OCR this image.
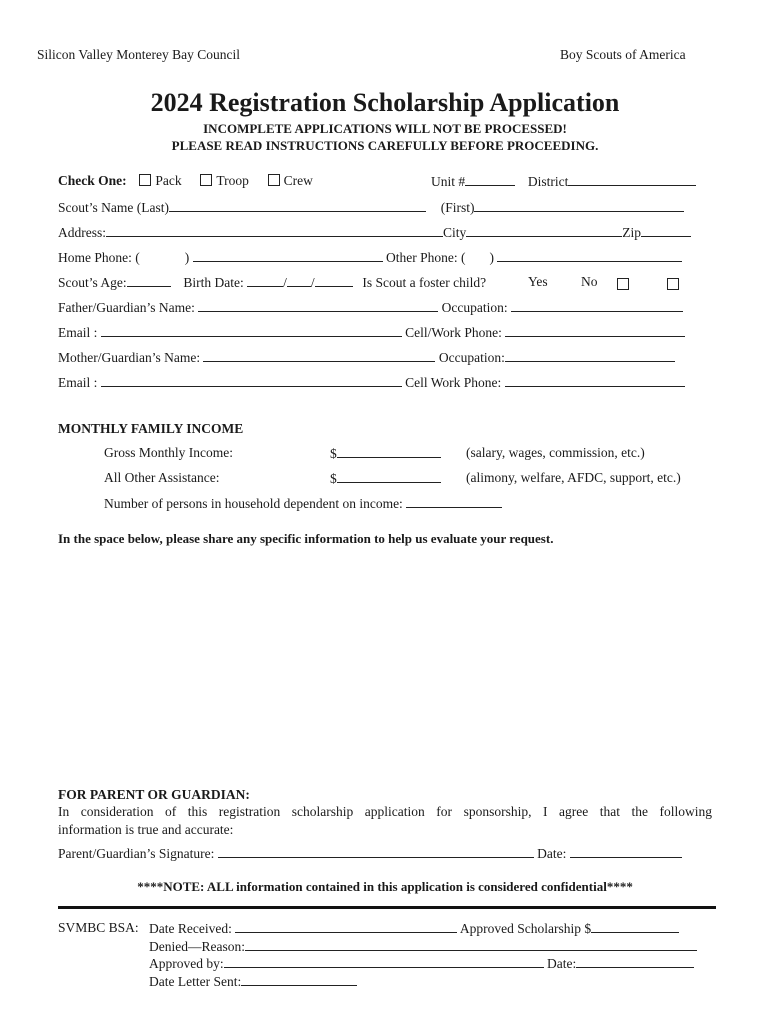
Silicon Valley Monterey Bay Council	Boy Scouts of America
2024 Registration Scholarship Application
INCOMPLETE APPLICATIONS WILL NOT BE PROCESSED!
PLEASE READ INSTRUCTIONS CAREFULLY BEFORE PROCEEDING.
Check One: Pack	Troop	Crew	Unit #	District
Scout’s Name (Last)	(First)
Address:	City	Zip
Home Phone: (	)	Other Phone: ( )
Scout’s Age:	Birth Date:	/ /	Is Scout a foster child?	Yes No
Father/Guardian’s Name:	Occupation:
Email :	Cell/Work Phone:
Mother/Guardian’s Name:	Occupation:
Email :	Cell Work Phone:
MONTHLY FAMILY INCOME
Gross Monthly Income:	$	(salary, wages, commission, etc.)
All Other Assistance:	$	(alimony, welfare, AFDC, support, etc.)
Number of persons in household dependent on income:
In the space below, please share any specific information to help us evaluate your request.
FOR PARENT OR GUARDIAN:
In consideration of this registration scholarship application for sponsorship, I agree that the following
information is true and accurate:
Parent/Guardian’s Signature:	Date:
****NOTE: ALL information contained in this application is considered confidential****
SVMBC BSA: Date Received:	Approved Scholarship $
Denied—Reason:
Approved by:	Date:
Date Letter Sent:
